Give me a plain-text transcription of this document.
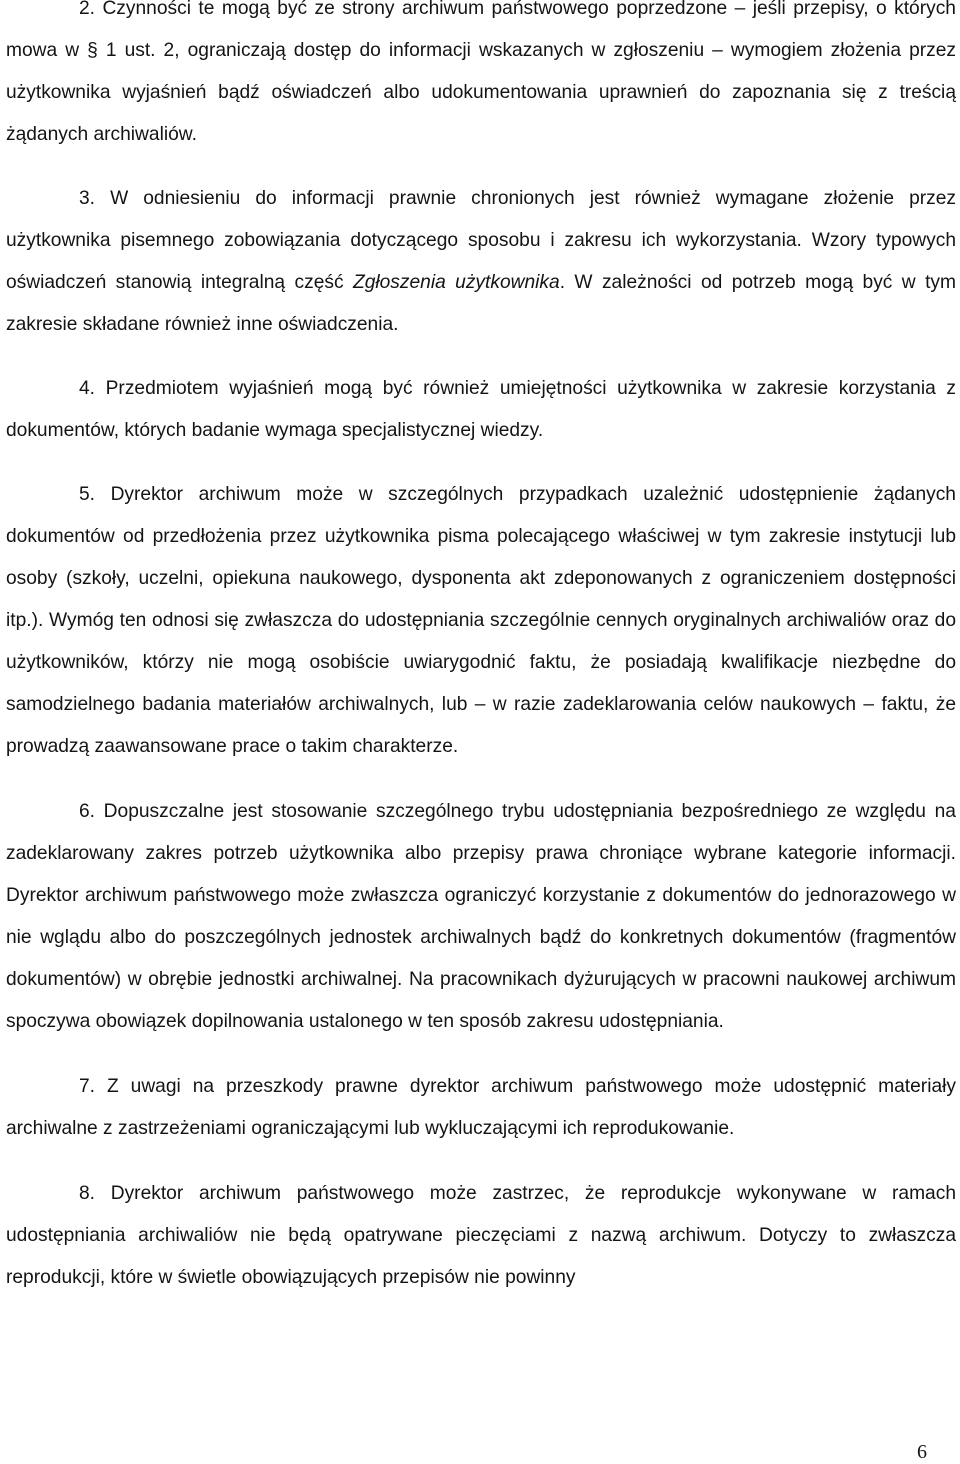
2. Czynności te mogą być ze strony archiwum państwowego poprzedzone – jeśli przepisy, o których mowa w § 1 ust. 2, ograniczają dostęp do informacji wskazanych w zgłoszeniu – wymogiem złożenia przez użytkownika wyjaśnień bądź oświadczeń albo udokumentowania uprawnień do zapoznania się z treścią żądanych archiwaliów.

3. W odniesieniu do informacji prawnie chronionych jest również wymagane złożenie przez użytkownika pisemnego zobowiązania dotyczącego sposobu i zakresu ich wykorzystania. Wzory typowych oświadczeń stanowią integralną część Zgłoszenia użytkownika. W zależności od potrzeb mogą być w tym zakresie składane również inne oświadczenia.

4. Przedmiotem wyjaśnień mogą być również umiejętności użytkownika w zakresie korzystania z dokumentów, których badanie wymaga specjalistycznej wiedzy.

5. Dyrektor archiwum może w szczególnych przypadkach uzależnić udostępnienie żądanych dokumentów od przedłożenia przez użytkownika pisma polecającego właściwej w tym zakresie instytucji lub osoby (szkoły, uczelni, opiekuna naukowego, dysponenta akt zdeponowanych z ograniczeniem dostępności itp.). Wymóg ten odnosi się zwłaszcza do udostępniania szczególnie cennych oryginalnych archiwaliów oraz do użytkowników, którzy nie mogą osobiście uwiarygodnić faktu, że posiadają kwalifikacje niezbędne do samodzielnego badania materiałów archiwalnych, lub – w razie zadeklarowania celów naukowych – faktu, że prowadzą zaawansowane prace o takim charakterze.

6. Dopuszczalne jest stosowanie szczególnego trybu udostępniania bezpośredniego ze względu na zadeklarowany zakres potrzeb użytkownika albo przepisy prawa chroniące wybrane kategorie informacji. Dyrektor archiwum państwowego może zwłaszcza ograniczyć korzystanie z dokumentów do jednorazowego w nie wglądu albo do poszczególnych jednostek archiwalnych bądź do konkretnych dokumentów (fragmentów dokumentów) w obrębie jednostki archiwalnej. Na pracownikach dyżurujących w pracowni naukowej archiwum spoczywa obowiązek dopilnowania ustalonego w ten sposób zakresu udostępniania.

7. Z uwagi na przeszkody prawne dyrektor archiwum państwowego może udostępnić materiały archiwalne z zastrzeżeniami ograniczającymi lub wykluczającymi ich reprodukowanie.

8. Dyrektor archiwum państwowego może zastrzec, że reprodukcje wykonywane w ramach udostępniania archiwaliów nie będą opatrywane pieczęciami z nazwą archiwum. Dotyczy to zwłaszcza reprodukcji, które w świetle obowiązujących przepisów nie powinny

6
